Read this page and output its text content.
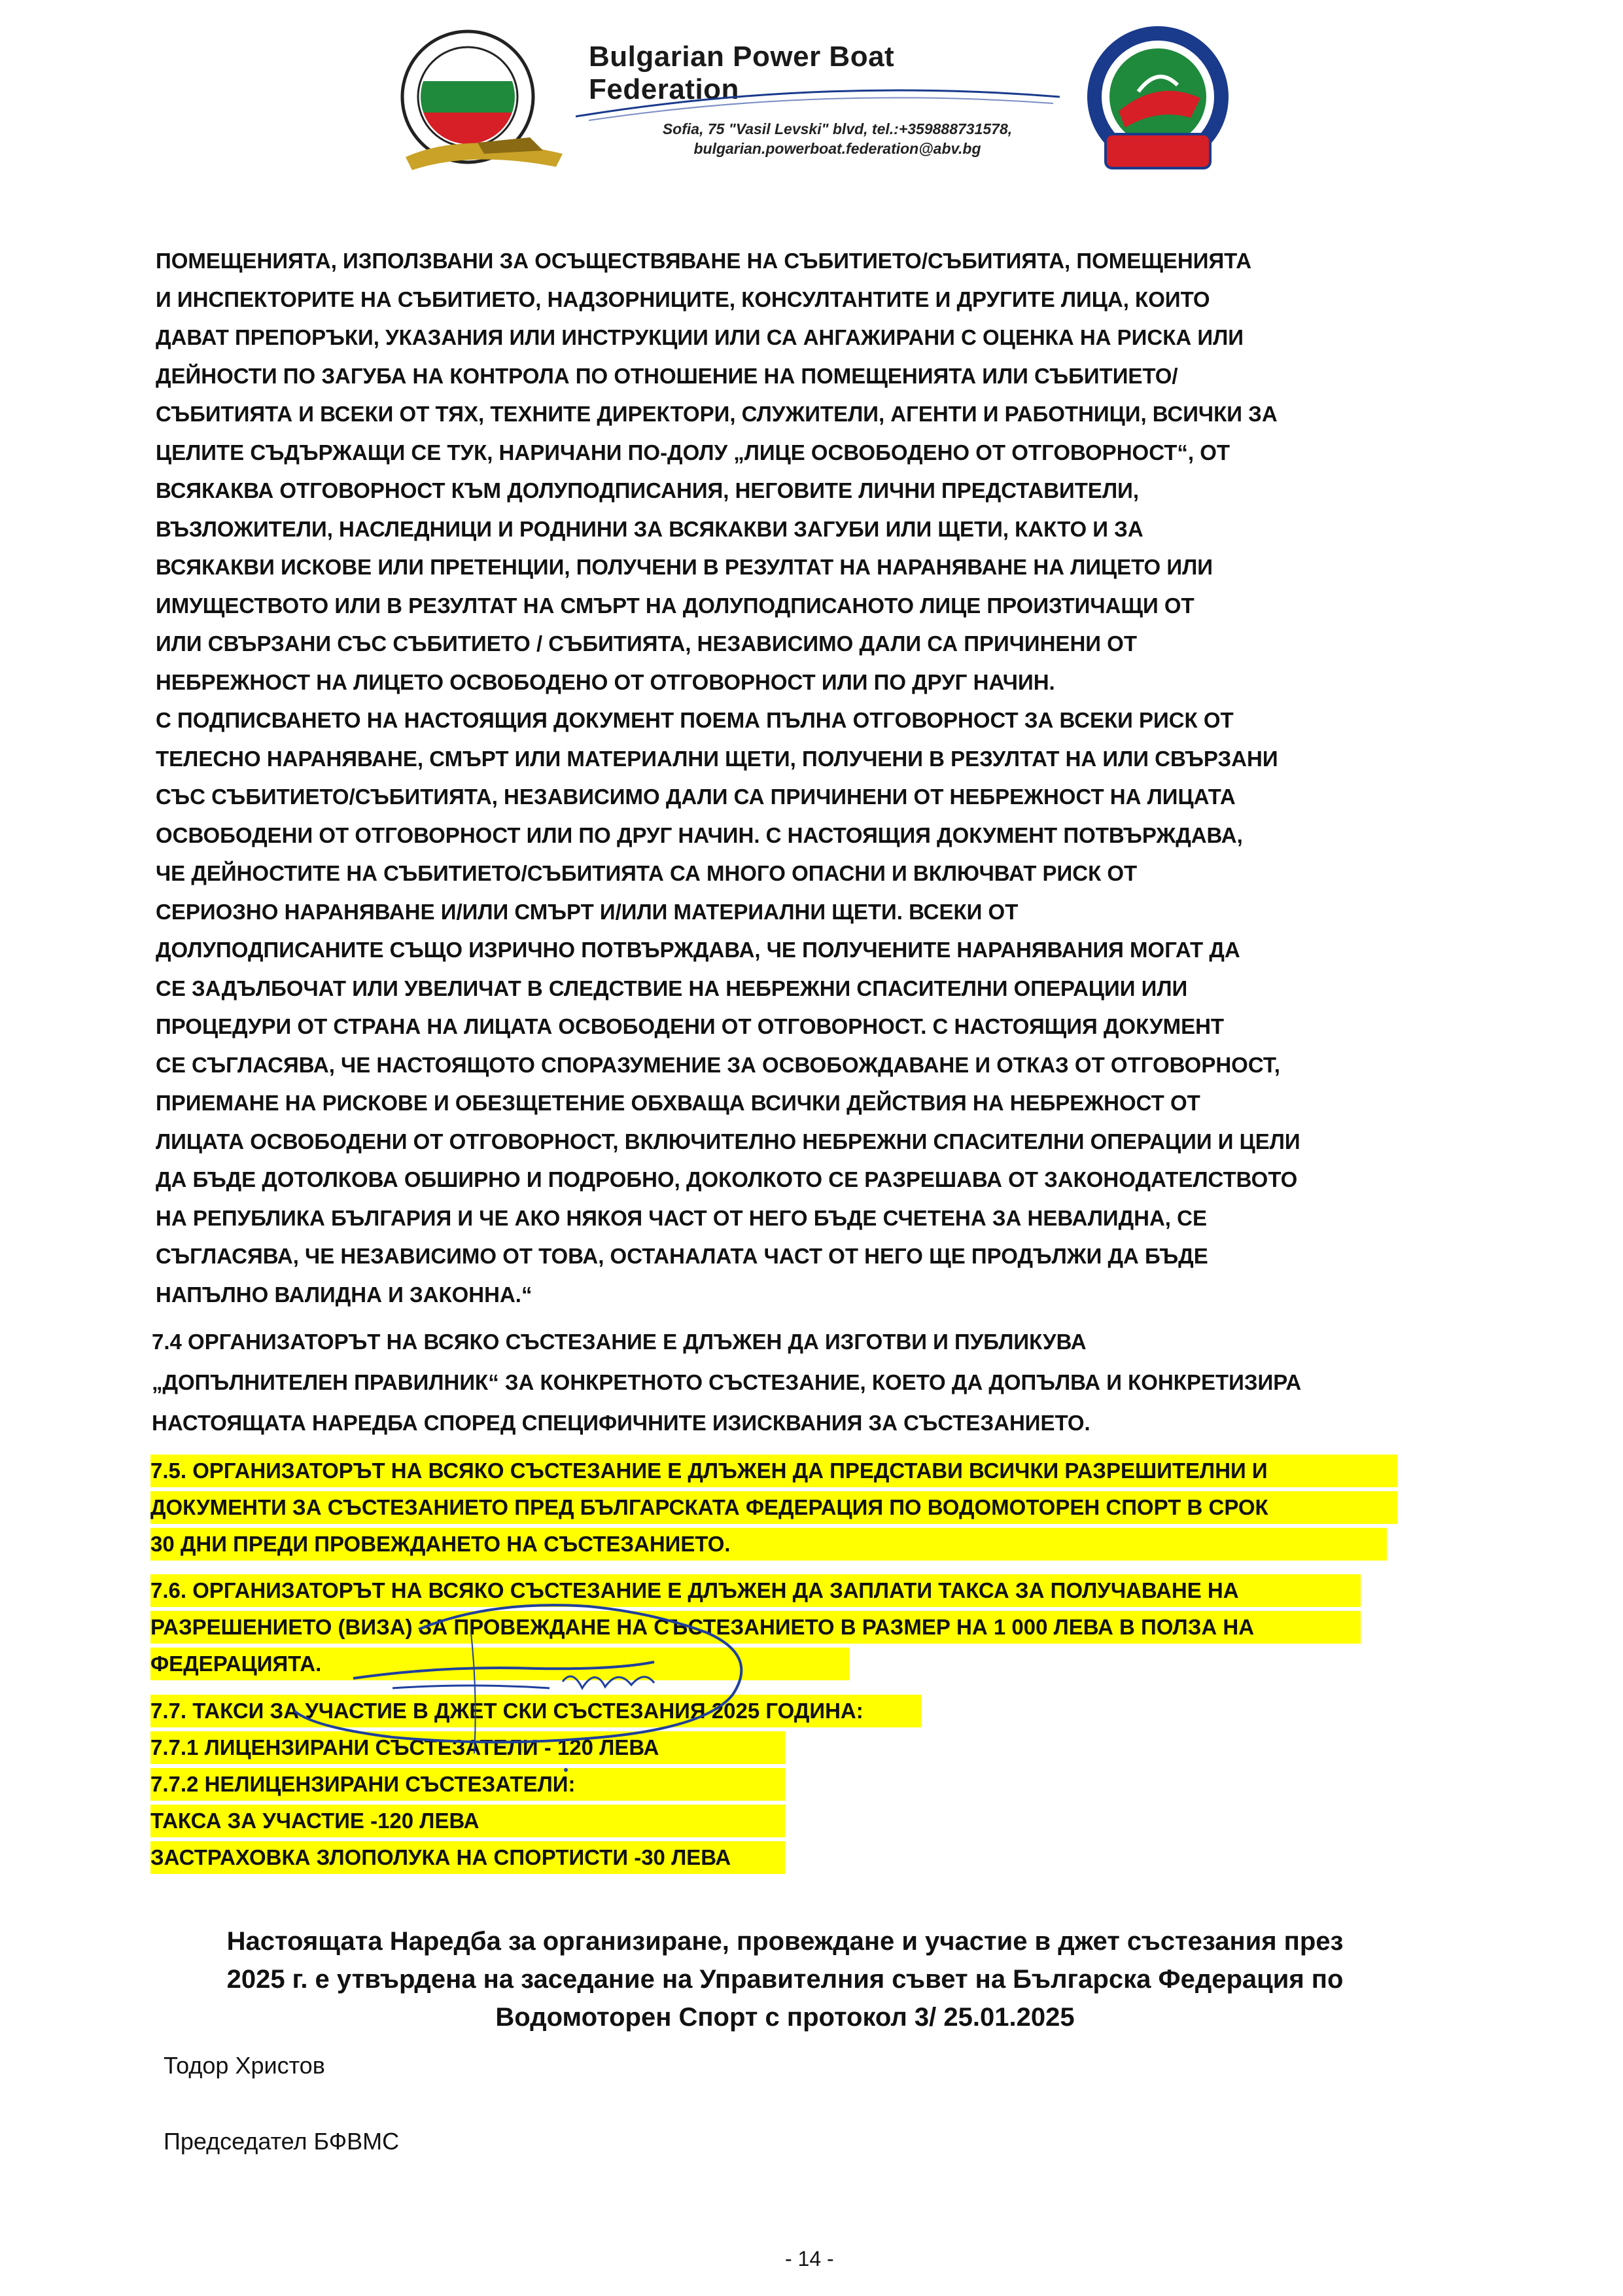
Bulgarian Power Boat Federation
Sofia, 75 "Vasil Levski" blvd, tel.:+359888731578,
bulgarian.powerboat.federation@abv.bg
ПОМЕЩЕНИЯТА, ИЗПОЛЗВАНИ ЗА ОСЪЩЕСТВЯВАНЕ НА СЪБИТИЕТО/СЪБИТИЯТА, ПОМЕЩЕНИЯТА
И ИНСПЕКТОРИТЕ НА СЪБИТИЕТО, НАДЗОРНИЦИТЕ, КОНСУЛТАНТИТЕ И ДРУГИТЕ ЛИЦА, КОИТО
ДАВАТ ПРЕПОРЪКИ, УКАЗАНИЯ ИЛИ ИНСТРУКЦИИ ИЛИ СА АНГАЖИРАНИ С ОЦЕНКА НА РИСКА ИЛИ
ДЕЙНОСТИ ПО ЗАГУБА НА КОНТРОЛА ПО ОТНОШЕНИЕ НА ПОМЕЩЕНИЯТА ИЛИ СЪБИТИЕТО/
СЪБИТИЯТА И ВСЕКИ ОТ ТЯХ, ТЕХНИТЕ ДИРЕКТОРИ, СЛУЖИТЕЛИ, АГЕНТИ И РАБОТНИЦИ, ВСИЧКИ ЗА
ЦЕЛИТЕ СЪДЪРЖАЩИ СЕ ТУК, НАРИЧАНИ ПО-ДОЛУ „ЛИЦЕ ОСВОБОДЕНО ОТ ОТГОВОРНОСТ“, ОТ
ВСЯКАКВА ОТГОВОРНОСТ КЪМ ДОЛУПОДПИСАНИЯ, НЕГОВИТЕ ЛИЧНИ ПРЕДСТАВИТЕЛИ,
ВЪЗЛОЖИТЕЛИ, НАСЛЕДНИЦИ И РОДНИНИ ЗА ВСЯКАКВИ ЗАГУБИ ИЛИ ЩЕТИ, КАКТО И ЗА
ВСЯКАКВИ ИСКОВЕ ИЛИ ПРЕТЕНЦИИ, ПОЛУЧЕНИ В РЕЗУЛТАТ НА НАРАНЯВАНЕ НА ЛИЦЕТО ИЛИ
ИМУЩЕСТВОТО ИЛИ В РЕЗУЛТАТ НА СМЪРТ НА ДОЛУПОДПИСАНОТО ЛИЦЕ ПРОИЗТИЧАЩИ ОТ
ИЛИ СВЪРЗАНИ СЪС СЪБИТИЕТО / СЪБИТИЯТА, НЕЗАВИСИМО ДАЛИ СА ПРИЧИНЕНИ ОТ
НЕБРЕЖНОСТ НА ЛИЦЕТО ОСВОБОДЕНО ОТ ОТГОВОРНОСТ ИЛИ ПО ДРУГ НАЧИН.
С ПОДПИСВАНЕТО НА НАСТОЯЩИЯ ДОКУМЕНТ ПОЕМА ПЪЛНА ОТГОВОРНОСТ ЗА ВСЕКИ РИСК ОТ
ТЕЛЕСНО НАРАНЯВАНЕ, СМЪРТ ИЛИ МАТЕРИАЛНИ ЩЕТИ, ПОЛУЧЕНИ В РЕЗУЛТАТ НА ИЛИ СВЪРЗАНИ
СЪС СЪБИТИЕТО/СЪБИТИЯТА, НЕЗАВИСИМО ДАЛИ СА ПРИЧИНЕНИ ОТ НЕБРЕЖНОСТ НА ЛИЦАТА
ОСВОБОДЕНИ ОТ ОТГОВОРНОСТ ИЛИ ПО ДРУГ НАЧИН. С НАСТОЯЩИЯ ДОКУМЕНТ ПОТВЪРЖДАВА,
ЧЕ ДЕЙНОСТИТЕ НА СЪБИТИЕТО/СЪБИТИЯТА СА МНОГО ОПАСНИ И ВКЛЮЧВАТ РИСК ОТ
СЕРИОЗНО НАРАНЯВАНЕ И/ИЛИ СМЪРТ И/ИЛИ МАТЕРИАЛНИ ЩЕТИ. ВСЕКИ ОТ
ДОЛУПОДПИСАНИТЕ СЪЩО ИЗРИЧНО ПОТВЪРЖДАВА, ЧЕ ПОЛУЧЕНИТЕ НАРАНЯВАНИЯ МОГАТ ДА
СЕ ЗАДЪЛБОЧАТ ИЛИ УВЕЛИЧАТ В СЛЕДСТВИЕ НА НЕБРЕЖНИ СПАСИТЕЛНИ ОПЕРАЦИИ ИЛИ
ПРОЦЕДУРИ ОТ СТРАНА НА ЛИЦАТА ОСВОБОДЕНИ ОТ ОТГОВОРНОСТ. С НАСТОЯЩИЯ ДОКУМЕНТ
СЕ СЪГЛАСЯВА, ЧЕ НАСТОЯЩОТО СПОРАЗУМЕНИЕ ЗА ОСВОБОЖДАВАНЕ И ОТКАЗ ОТ ОТГОВОРНОСТ,
ПРИЕМАНЕ НА РИСКОВЕ И ОБЕЗЩЕТЕНИЕ ОБХВАЩА ВСИЧКИ ДЕЙСТВИЯ НА НЕБРЕЖНОСТ ОТ
ЛИЦАТА ОСВОБОДЕНИ ОТ ОТГОВОРНОСТ, ВКЛЮЧИТЕЛНО НЕБРЕЖНИ СПАСИТЕЛНИ ОПЕРАЦИИ И ЦЕЛИ
ДА БЪДЕ ДОТОЛКОВА ОБШИРНО И ПОДРОБНО, ДОКОЛКОТО СЕ РАЗРЕШАВА ОТ ЗАКОНОДАТЕЛСТВОТО
НА РЕПУБЛИКА БЪЛГАРИЯ И ЧЕ АКО НЯКОЯ ЧАСТ ОТ НЕГО БЪДЕ СЧЕТЕНА ЗА НЕВАЛИДНА, СЕ
СЪГЛАСЯВА, ЧЕ НЕЗАВИСИМО ОТ ТОВА, ОСТАНАЛАТА ЧАСТ ОТ НЕГО ЩЕ ПРОДЪЛЖИ ДА БЪДЕ
НАПЪЛНО ВАЛИДНА И ЗАКОННА.“
7.4 ОРГАНИЗАТОРЪТ НА ВСЯКО СЪСТЕЗАНИЕ Е ДЛЪЖЕН ДА ИЗГОТВИ И ПУБЛИКУВА
„ДОПЪЛНИТЕЛЕН ПРАВИЛНИК“ ЗА КОНКРЕТНОТО СЪСТЕЗАНИЕ, КОЕТО ДА ДОПЪЛВА И КОНКРЕТИЗИРА
НАСТОЯЩАТА НАРЕДБА СПОРЕД СПЕЦИФИЧНИТЕ ИЗИСКВАНИЯ ЗА СЪСТЕЗАНИЕТО.
7.5. ОРГАНИЗАТОРЪТ НА ВСЯКО СЪСТЕЗАНИЕ Е ДЛЪЖЕН ДА ПРЕДСТАВИ ВСИЧКИ РАЗРЕШИТЕЛНИ И
ДОКУМЕНТИ ЗА СЪСТЕЗАНИЕТО ПРЕД БЪЛГАРСКАТА ФЕДЕРАЦИЯ ПО ВОДОМОТОРЕН СПОРТ В СРОК
30 ДНИ ПРЕДИ ПРОВЕЖДАНЕТО НА СЪСТЕЗАНИЕТО.
7.6. ОРГАНИЗАТОРЪТ НА ВСЯКО СЪСТЕЗАНИЕ Е ДЛЪЖЕН ДА ЗАПЛАТИ ТАКСА ЗА ПОЛУЧАВАНЕ НА
РАЗРЕШЕНИЕТО (ВИЗА) ЗА ПРОВЕЖДАНЕ НА СЪСТЕЗАНИЕТО В РАЗМЕР НА 1 000 ЛЕВА В ПОЛЗА НА
ФЕДЕРАЦИЯТА.
7.7. ТАКСИ ЗА УЧАСТИЕ В ДЖЕТ СКИ СЪСТЕЗАНИЯ 2025 ГОДИНА:
7.7.1 ЛИЦЕНЗИРАНИ СЪСТЕЗАТЕЛИ - 120 ЛЕВА
7.7.2 НЕЛИЦЕНЗИРАНИ СЪСТЕЗАТЕЛИ:
ТАКСА ЗА УЧАСТИЕ -120 ЛЕВА
ЗАСТРАХОВКА ЗЛОПОЛУКА НА СПОРТИСТИ -30 ЛЕВА
Настоящата Наредба за организиране, провеждане и участие в джет състезания през
2025 г. е утвърдена на заседание на Управителния съвет на Българска Федерация по
Водомоторен Спорт с протокол 3/ 25.01.2025
Тодор Христов
Председател БФВМС
- 14 -
